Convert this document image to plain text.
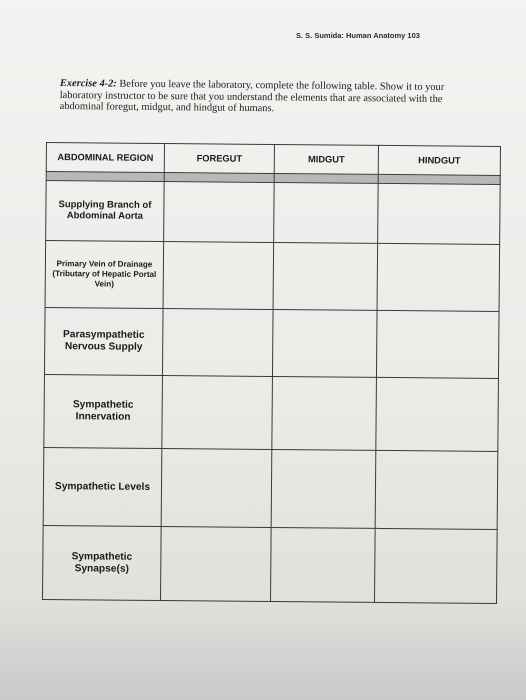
S. S. Sumida: Human Anatomy 103
Exercise 4-2: Before you leave the laboratory, complete the following table. Show it to your laboratory instructor to be sure that you understand the elements that are associated with the abdominal foregut, midgut, and hindgut of humans.
ABDOMINAL REGION	FOREGUT	MIDGUT	HINDGUT

Supplying Branch of Abdominal Aorta			
Primary Vein of Drainage (Tributary of Hepatic Portal Vein)			
Parasympathetic Nervous Supply			
Sympathetic Innervation			
Sympathetic Levels			
Sympathetic Synapse(s)			
